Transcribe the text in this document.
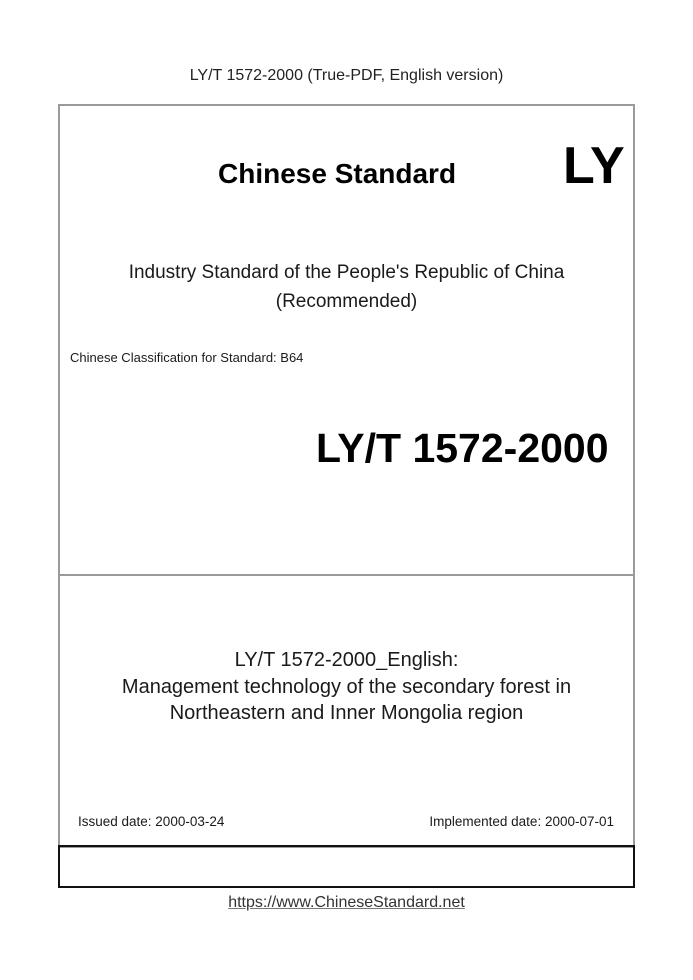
LY/T 1572-2000 (True-PDF, English version)
Chinese Standard LY
Industry Standard of the People's Republic of China
(Recommended)
Chinese Classification for Standard: B64
LY/T 1572-2000
LY/T 1572-2000_English:
Management technology of the secondary forest in
Northeastern and Inner Mongolia region
Issued date: 2000-03-24	Implemented date: 2000-07-01
https://www.ChineseStandard.net
